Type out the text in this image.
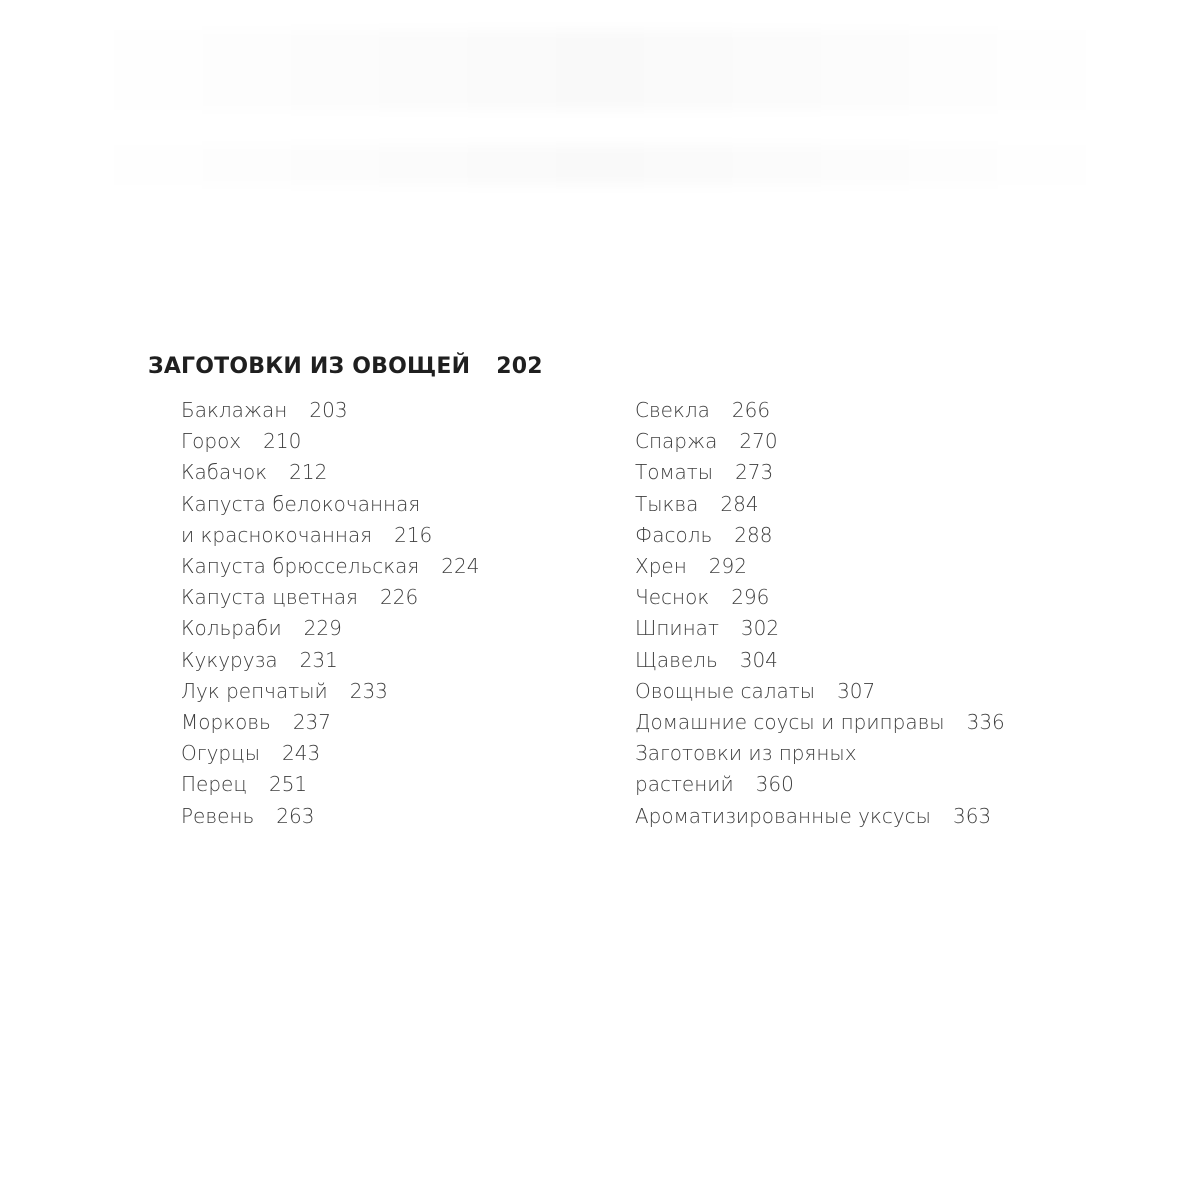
ЗАГОТОВКИ ИЗ ОВОЩЕЙ 202
Баклажан 203
Горох 210
Кабачок 212
Капуста белокочанная
и краснокочанная 216
Капуста брюссельская 224
Капуста цветная 226
Кольраби 229
Кукуруза 231
Лук репчатый 233
Морковь 237
Огурцы 243
Перец 251
Ревень 263
Свекла 266
Спаржа 270
Томаты 273
Тыква 284
Фасоль 288
Хрен 292
Чеснок 296
Шпинат 302
Щавель 304
Овощные салаты 307
Домашние соусы и приправы 336
Заготовки из пряных
растений 360
Ароматизированные уксусы 363
